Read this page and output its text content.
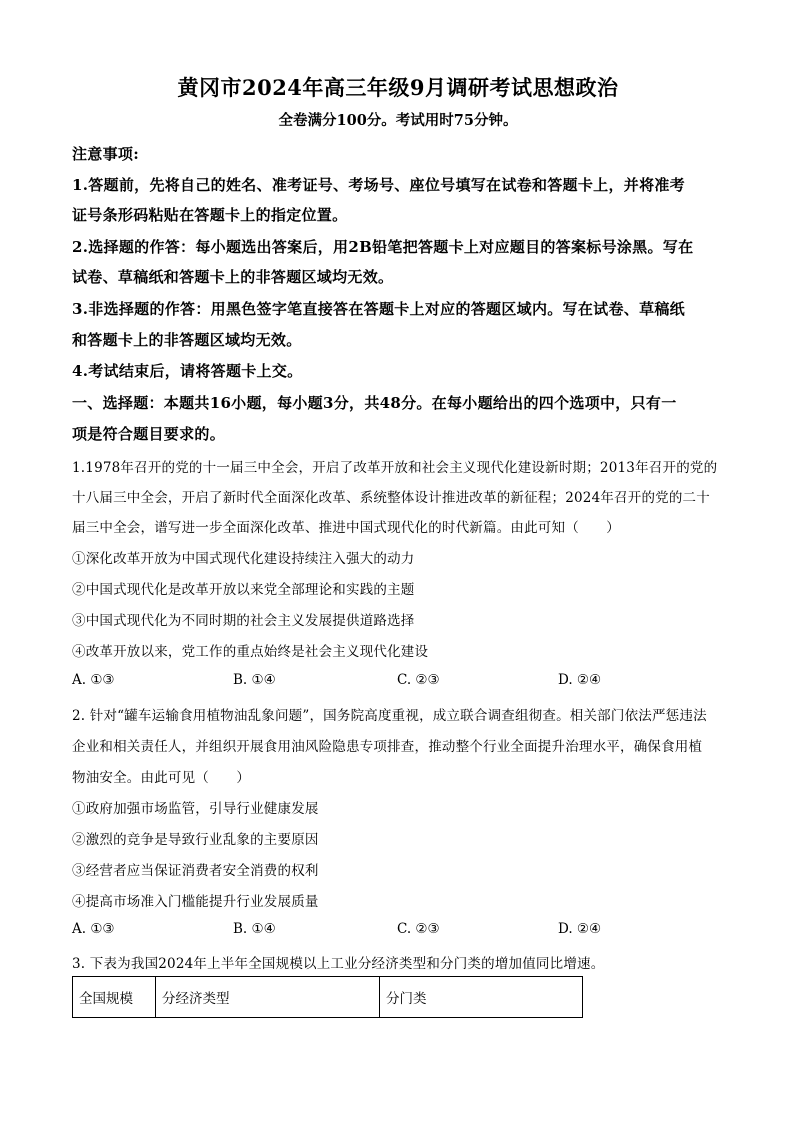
黄冈市2024年高三年级9月调研考试思想政治
全卷满分100分。考试用时75分钟。
注意事项:
1.答题前，先将自己的姓名、准考证号、考场号、座位号填写在试卷和答题卡上，并将准考
证号条形码粘贴在答题卡上的指定位置。
2.选择题的作答：每小题选出答案后，用2B铅笔把答题卡上对应题目的答案标号涂黑。写在
试卷、草稿纸和答题卡上的非答题区域均无效。
3.非选择题的作答：用黑色签字笔直接答在答题卡上对应的答题区域内。写在试卷、草稿纸
和答题卡上的非答题区域均无效。
4.考试结束后，请将答题卡上交。
一、选择题：本题共16小题，每小题3分，共48分。在每小题给出的四个选项中，只有一
项是符合题目要求的。
1.1978年召开的党的十一届三中全会，开启了改革开放和社会主义现代化建设新时期；2013年召开的党的
十八届三中全会，开启了新时代全面深化改革、系统整体设计推进改革的新征程；2024年召开的党的二十
届三中全会，谱写进一步全面深化改革、推进中国式现代化的时代新篇。由此可知（　　）
①深化改革开放为中国式现代化建设持续注入强大的动力
②中国式现代化是改革开放以来党全部理论和实践的主题
③中国式现代化为不同时期的社会主义发展提供道路选择
④改革开放以来，党工作的重点始终是社会主义现代化建设
A. ①③	B. ①④	C. ②③	D. ②④
2. 针对“罐车运输食用植物油乱象问题”，国务院高度重视，成立联合调查组彻查。相关部门依法严惩违法
企业和相关责任人，并组织开展食用油风险隐患专项排查，推动整个行业全面提升治理水平，确保食用植
物油安全。由此可见（　　）
①政府加强市场监管，引导行业健康发展
②激烈的竞争是导致行业乱象的主要原因
③经营者应当保证消费者安全消费的权利
④提高市场准入门槛能提升行业发展质量
A. ①③	B. ①④	C. ②③	D. ②④
3. 下表为我国2024年上半年全国规模以上工业分经济类型和分门类的增加值同比增速。
全国规模	分经济类型	分门类
